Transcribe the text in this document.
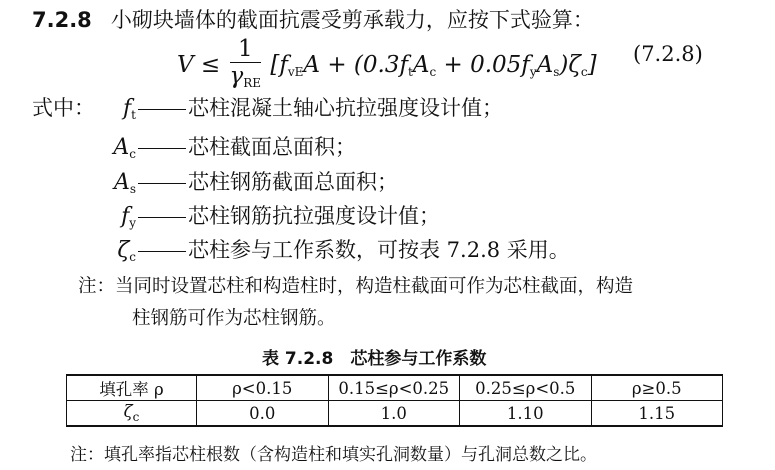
7.2.8 小砌块墙体的截面抗震受剪承载力，应按下式验算：
$V \le \frac{1}{\gamma_{RE}} [f_{vE}A + (0.3f_tA_c + 0.05f_yA_s)\zeta_c]$ (7.2.8)
式中：	$f_t$ 芯柱混凝土轴心抗拉强度设计值；
$A_c$ 芯柱截面总面积；
$A_s$ 芯柱钢筋截面总面积；
$f_y$ 芯柱钢筋抗拉强度设计值；
$\zeta_c$ 芯柱参与工作系数，可按表 7.2.8 采用。
注：当同时设置芯柱和构造柱时，构造柱截面可作为芯柱截面，构造
柱钢筋可作为芯柱钢筋。
表 7.2.8　芯柱参与工作系数
填孔率 ρ	ρ<0.15	0.15≤ρ<0.25	0.25≤ρ<0.5	ρ≥0.5
$\zeta_c$	0.0	1.0	1.10	1.15
注：填孔率指芯柱根数（含构造柱和填实孔洞数量）与孔洞总数之比。
